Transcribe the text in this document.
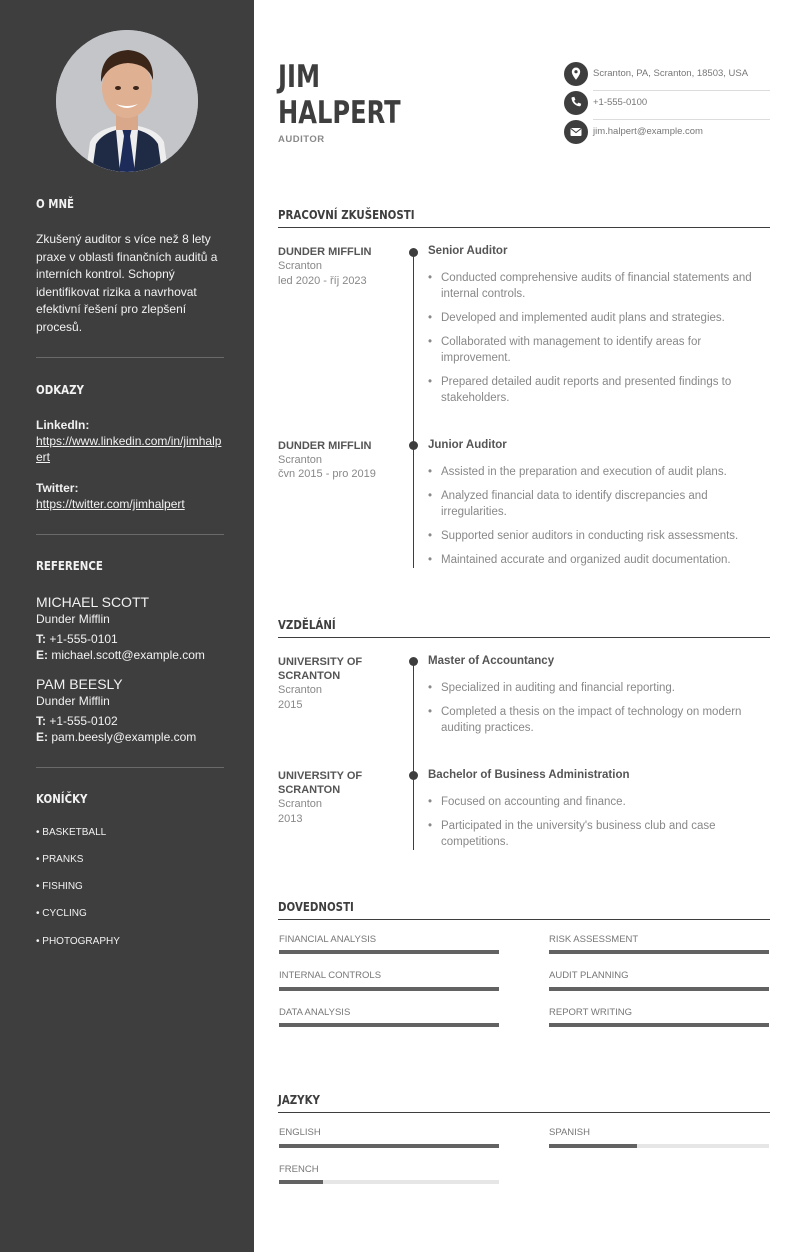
O MNĚ
Zkušený auditor s více než 8 lety praxe v oblasti finančních auditů a interních kontrol. Schopný identifikovat rizika a navrhovat efektivní řešení pro zlepšení procesů.
ODKAZY
LinkedIn:
https://www.linkedin.com/in/jimhalpert
Twitter:
https://twitter.com/jimhalpert
REFERENCE
MICHAEL SCOTT
Dunder Mifflin
T: +1-555-0101
E: michael.scott@example.com
PAM BEESLY
Dunder Mifflin
T: +1-555-0102
E: pam.beesly@example.com
KONÍČKY
• BASKETBALL
• PRANKS
• FISHING
• CYCLING
• PHOTOGRAPHY
JIM
HALPERT
AUDITOR
Scranton, PA, Scranton, 18503, USA
+1-555-0100
jim.halpert@example.com
PRACOVNÍ ZKUŠENOSTI
DUNDER MIFFLIN
Scranton
led 2020 - říj 2023
Senior Auditor
• Conducted comprehensive audits of financial statements and internal controls.
• Developed and implemented audit plans and strategies.
• Collaborated with management to identify areas for improvement.
• Prepared detailed audit reports and presented findings to stakeholders.
DUNDER MIFFLIN
Scranton
čvn 2015 - pro 2019
Junior Auditor
• Assisted in the preparation and execution of audit plans.
• Analyzed financial data to identify discrepancies and irregularities.
• Supported senior auditors in conducting risk assessments.
• Maintained accurate and organized audit documentation.
VZDĚLÁNÍ
UNIVERSITY OF SCRANTON
Scranton
2015
Master of Accountancy
• Specialized in auditing and financial reporting.
• Completed a thesis on the impact of technology on modern auditing practices.
UNIVERSITY OF SCRANTON
Scranton
2013
Bachelor of Business Administration
• Focused on accounting and finance.
• Participated in the university's business club and case competitions.
DOVEDNOSTI
FINANCIAL ANALYSIS	RISK ASSESSMENT
INTERNAL CONTROLS	AUDIT PLANNING
DATA ANALYSIS	REPORT WRITING
JAZYKY
ENGLISH	SPANISH
FRENCH
